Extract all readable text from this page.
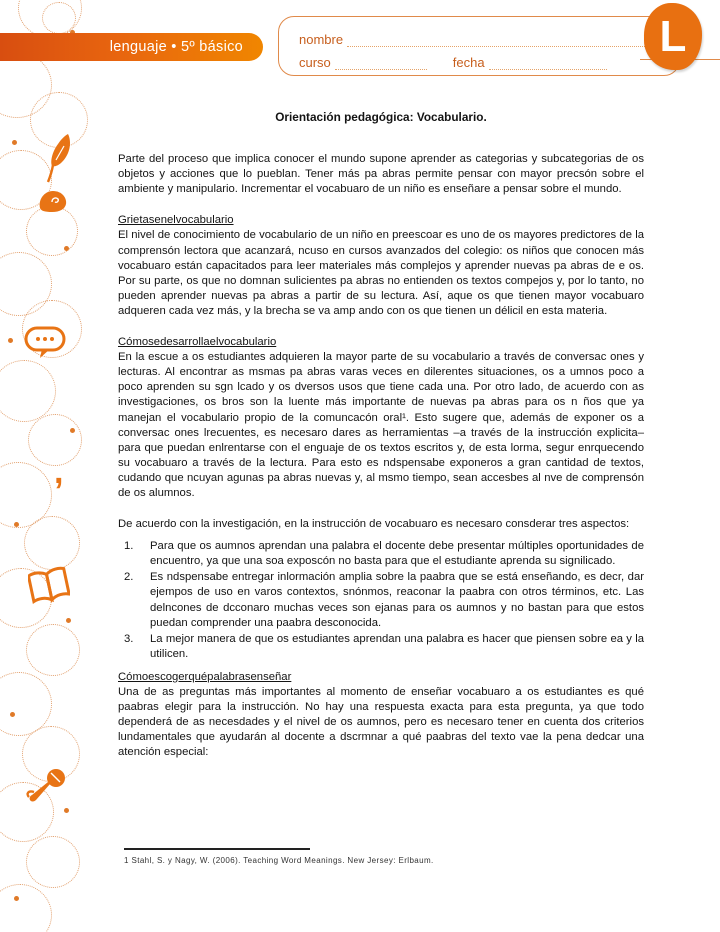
,
lenguaje • 5º básico	nombre
curso	fecha
L
Orientación pedagógica: Vocabulario.

Parte del proceso que implica conocer el mundo supone aprender as categorias y subcategorias de os objetos y acciones que lo pueblan. Tener más pa abras permite pensar con mayor precsón sobre el ambiente y manipulario. Incrementar el vocabuaro de un niño es enseñare a pensar sobre el mundo.

Grietasenelvocabulario

El nivel de conocimiento de vocabulario de un niño en preescoar es uno de os mayores predictores de la comprensón lectora que acanzará, ncuso en cursos avanzados del colegio: os niños que conocen más vocabuaro están capacitados para leer materiales más complejos y aprender nuevas pa abras de e os. Por su parte, os que no domnan sulicientes pa abras no entienden os textos compejos y, por lo tanto, no pueden aprender nuevas pa abras a partir de su lectura. Así, aque os que tienen mayor vocabuaro adqueren cada vez más, y la brecha se va amp ando con os que tienen un délicil en esta materia.

Cómosedesarrollaelvocabulario

En la escue a os estudiantes adquieren la mayor parte de su vocabulario a través de conversac ones y lecturas. Al encontrar as msmas pa abras varas veces en dilerentes situaciones, os a umnos poco a poco aprenden su sgn lcado y os dversos usos que tiene cada una. Por otro lado, de acuerdo con as investigaciones, os bros son la luente más importante de nuevas pa abras para os n ños que ya manejan el vocabulario propio de la comuncacón oral¹. Esto sugere que, además de exponer os a conversac ones lrecuentes, es necesaro dares as herramientas –a través de la instrucción explicita– para que puedan enlrentarse con el enguaje de os textos escritos y, de esta lorma, segur enrquecendo su vocabuaro a través de la lectura. Para esto es ndspensabe exponeros a gran cantidad de textos, cudando que ncuyan agunas pa abras nuevas y, al msmo tiempo, sean accesbes al nve de comprensón de os alumnos.

De acuerdo con la investigación, en la instrucción de vocabuaro es necesaro consderar tres aspectos:

1.	Para que os aumnos aprendan una palabra el docente debe presentar múltiples oportunidades de encuentro, ya que una soa exposcón no basta para que el estudiante aprenda su signilicado.
2.	Es ndspensabe entregar inlormación amplia sobre la paabra que se está enseñando, es decr, dar ejempos de uso en varos contextos, snónmos, reaconar la paabra con otros términos, etc. Las delncones de dcconaro muchas veces son ejanas para os aumnos y no bastan para que estos puedan comprender una paabra desconocida.
3.	La mejor manera de que os estudiantes aprendan una palabra es hacer que piensen sobre ea y la utilicen.
Cómoescogerquépalabrasenseñar

Una de as preguntas más importantes al momento de enseñar vocabuaro a os estudiantes es qué paabras elegir para la instrucción. No hay una respuesta exacta para esta pregunta, ya que todo dependerá de as necesdades y el nivel de os aumnos, pero es necesaro tener en cuenta dos criterios lundamentales que ayudarán al docente a dscrmnar a qué paabras del texto vae la pena dedcar una atención especial:

1 Stahl, S. y Nagy, W. (2006). Teaching Word Meanings. New Jersey: Erlbaum.
